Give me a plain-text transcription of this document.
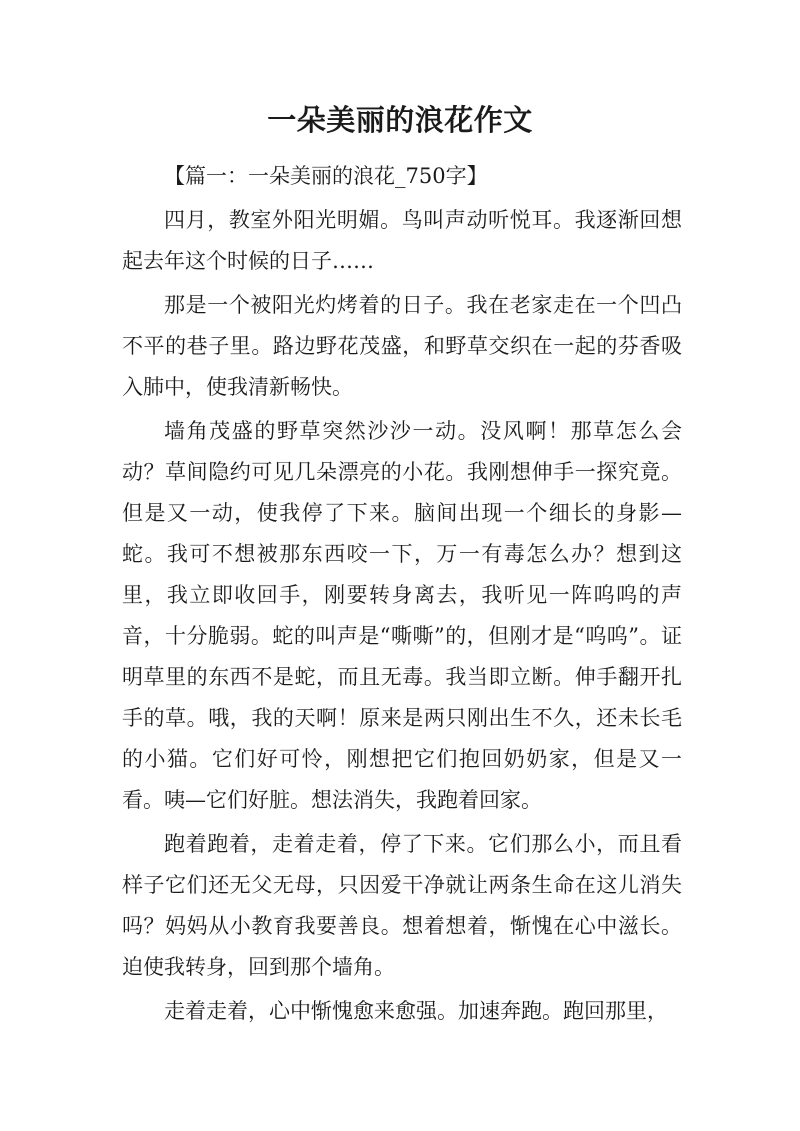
一朵美丽的浪花作文

【篇一：一朵美丽的浪花_750字】

四月，教室外阳光明媚。鸟叫声动听悦耳。我逐渐回想起去年这个时候的日子……

那是一个被阳光灼烤着的日子。我在老家走在一个凹凸不平的巷子里。路边野花茂盛，和野草交织在一起的芬香吸入肺中，使我清新畅快。

墙角茂盛的野草突然沙沙一动。没风啊！那草怎么会动？草间隐约可见几朵漂亮的小花。我刚想伸手一探究竟。但是又一动，使我停了下来。脑间出现一个细长的身影—蛇。我可不想被那东西咬一下，万一有毒怎么办？想到这里，我立即收回手，刚要转身离去，我听见一阵呜呜的声音，十分脆弱。蛇的叫声是“嘶嘶”的，但刚才是“呜呜”。证明草里的东西不是蛇，而且无毒。我当即立断。伸手翻开扎手的草。哦，我的天啊！原来是两只刚出生不久，还未长毛的小猫。它们好可怜，刚想把它们抱回奶奶家，但是又一看。咦—它们好脏。想法消失，我跑着回家。

跑着跑着，走着走着，停了下来。它们那么小，而且看样子它们还无父无母，只因爱干净就让两条生命在这儿消失吗？妈妈从小教育我要善良。想着想着，惭愧在心中滋长。迫使我转身，回到那个墙角。

走着走着，心中惭愧愈来愈强。加速奔跑。跑回那里，
